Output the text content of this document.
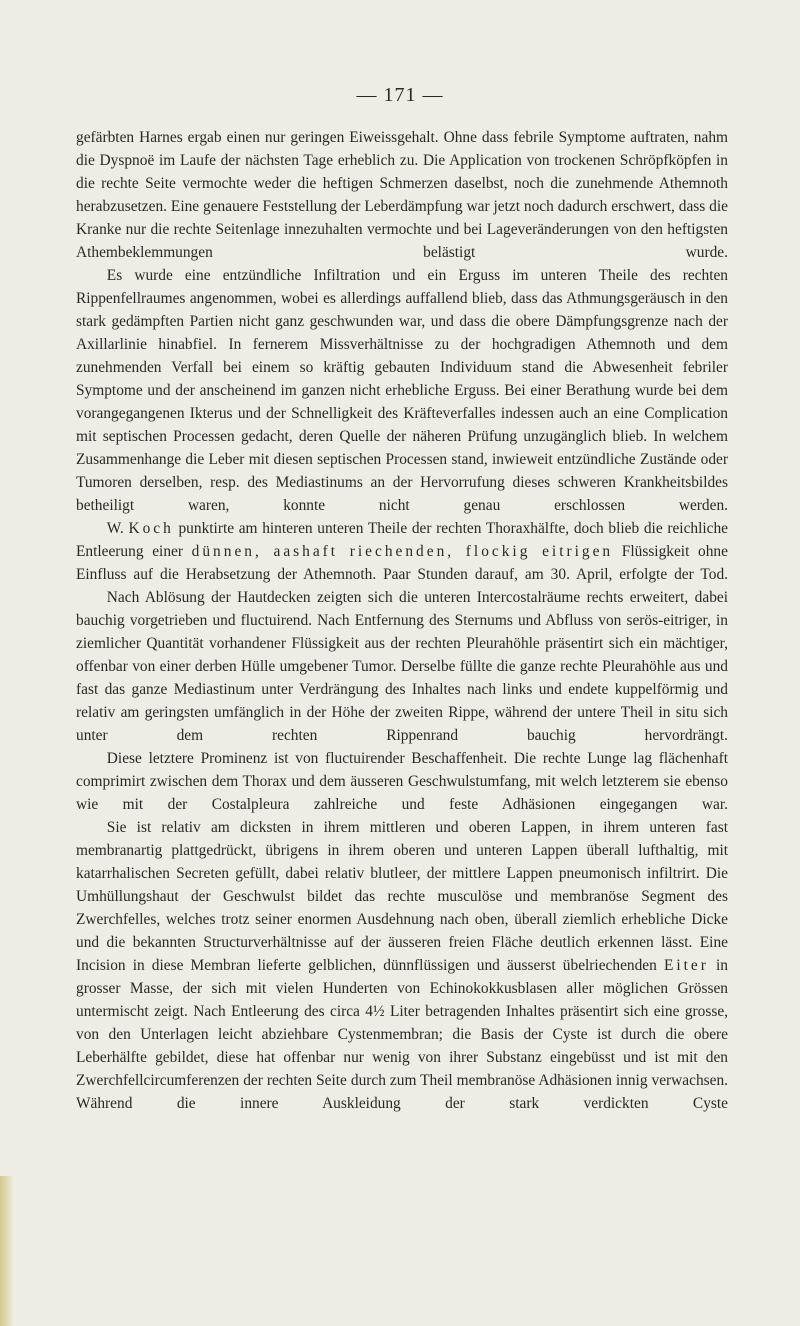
— 171 —

gefärbten Harnes ergab einen nur geringen Eiweissgehalt. Ohne dass febrile Symptome auftraten, nahm die Dyspnoë im Laufe der nächsten Tage erheblich zu. Die Application von trockenen Schröpfköpfen in die rechte Seite vermochte weder die heftigen Schmerzen daselbst, noch die zunehmende Athemnoth herabzusetzen. Eine genauere Feststellung der Leberdämpfung war jetzt noch dadurch erschwert, dass die Kranke nur die rechte Seitenlage innezuhalten vermochte und bei Lageveränderungen von den heftigsten Athembeklemmungen belästigt wurde.

Es wurde eine entzündliche Infiltration und ein Erguss im unteren Theile des rechten Rippenfellraumes angenommen, wobei es allerdings auffallend blieb, dass das Athmungsgeräusch in den stark gedämpften Partien nicht ganz geschwunden war, und dass die obere Dämpfungsgrenze nach der Axillarlinie hinabfiel. In fernerem Missverhältnisse zu der hochgradigen Athemnoth und dem zunehmenden Verfall bei einem so kräftig gebauten Individuum stand die Abwesenheit febriler Symptome und der anscheinend im ganzen nicht erhebliche Erguss. Bei einer Berathung wurde bei dem vorangegangenen Ikterus und der Schnelligkeit des Kräfteverfalles indessen auch an eine Complication mit septischen Processen gedacht, deren Quelle der näheren Prüfung unzugänglich blieb. In welchem Zusammenhange die Leber mit diesen septischen Processen stand, inwieweit entzündliche Zustände oder Tumoren derselben, resp. des Mediastinums an der Hervorrufung dieses schweren Krankheitsbildes betheiligt waren, konnte nicht genau erschlossen werden.

W. Koch punktirte am hinteren unteren Theile der rechten Thoraxhälfte, doch blieb die reichliche Entleerung einer dünnen, aashaft riechenden, flockig eitrigen Flüssigkeit ohne Einfluss auf die Herabsetzung der Athemnoth. Paar Stunden darauf, am 30. April, erfolgte der Tod.

Nach Ablösung der Hautdecken zeigten sich die unteren Intercostalräume rechts erweitert, dabei bauchig vorgetrieben und fluctuirend. Nach Entfernung des Sternums und Abfluss von serös-eitriger, in ziemlicher Quantität vorhandener Flüssigkeit aus der rechten Pleurahöhle präsentirt sich ein mächtiger, offenbar von einer derben Hülle umgebener Tumor. Derselbe füllte die ganze rechte Pleurahöhle aus und fast das ganze Mediastinum unter Verdrängung des Inhaltes nach links und endete kuppelförmig und relativ am geringsten umfänglich in der Höhe der zweiten Rippe, während der untere Theil in situ sich unter dem rechten Rippenrand bauchig hervordrängt.

Diese letztere Prominenz ist von fluctuirender Beschaffenheit. Die rechte Lunge lag flächenhaft comprimirt zwischen dem Thorax und dem äusseren Geschwulstumfang, mit welch letzterem sie ebenso wie mit der Costalpleura zahlreiche und feste Adhäsionen eingegangen war.

Sie ist relativ am dicksten in ihrem mittleren und oberen Lappen, in ihrem unteren fast membranartig plattgedrückt, übrigens in ihrem oberen und unteren Lappen überall lufthaltig, mit katarrhalischen Secreten gefüllt, dabei relativ blutleer, der mittlere Lappen pneumonisch infiltrirt. Die Umhüllungshaut der Geschwulst bildet das rechte musculöse und membranöse Segment des Zwerchfelles, welches trotz seiner enormen Ausdehnung nach oben, überall ziemlich erhebliche Dicke und die bekannten Structurverhältnisse auf der äusseren freien Fläche deutlich erkennen lässt. Eine Incision in diese Membran lieferte gelblichen, dünnflüssigen und äusserst übelriechenden Eiter in grosser Masse, der sich mit vielen Hunderten von Echinokokkusblasen aller möglichen Grössen untermischt zeigt. Nach Entleerung des circa 4½ Liter betragenden Inhaltes präsentirt sich eine grosse, von den Unterlagen leicht abziehbare Cystenmembran; die Basis der Cyste ist durch die obere Leberhälfte gebildet, diese hat offenbar nur wenig von ihrer Substanz eingebüsst und ist mit den Zwerchfellcircumferenzen der rechten Seite durch zum Theil membranöse Adhäsionen innig verwachsen. Während die innere Auskleidung der stark verdickten Cyste
